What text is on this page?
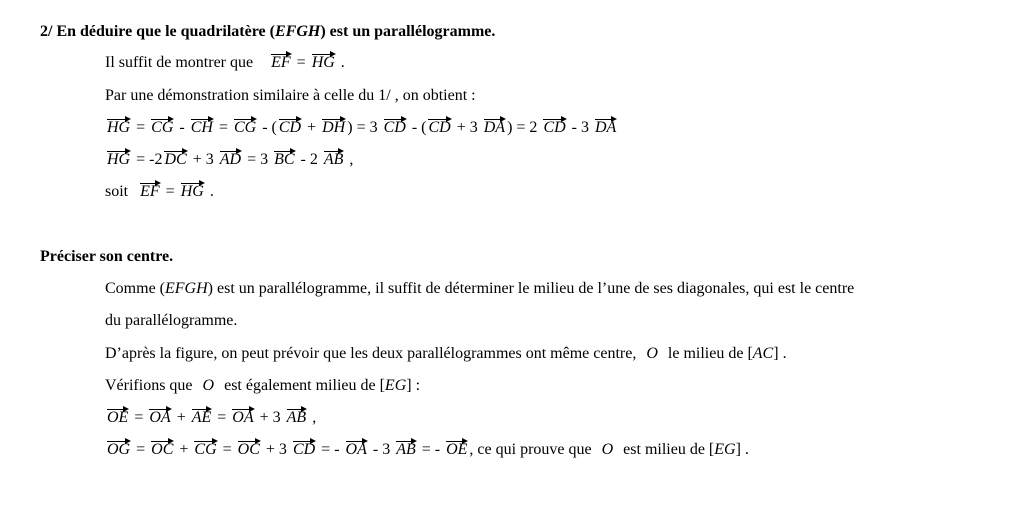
2/ En déduire que le quadrilatère (EFGH) est un parallélogramme.
Il suffit de montrer que EF = HG .
Par une démonstration similaire à celle du 1/ , on obtient :
HG = CG - CH = CG - ( CD + DH ) = 3 CD - ( CD + 3 DA ) = 2 CD - 3 DA
HG = -2 DC + 3 AD = 3 BC - 2 AB ,
soit EF = HG .
Préciser son centre.
Comme (EFGH) est un parallélogramme, il suffit de déterminer le milieu de l’une de ses diagonales, qui est le centre
du parallélogramme.
D’après la figure, on peut prévoir que les deux parallélogrammes ont même centre, O le milieu de [AC] .
Vérifions que O est également milieu de [EG] :
OE = OA + AE = OA + 3 AB ,
OG = OC + CG = OC + 3 CD = - OA - 3 AB = - OE , ce qui prouve que O est milieu de [EG] .
